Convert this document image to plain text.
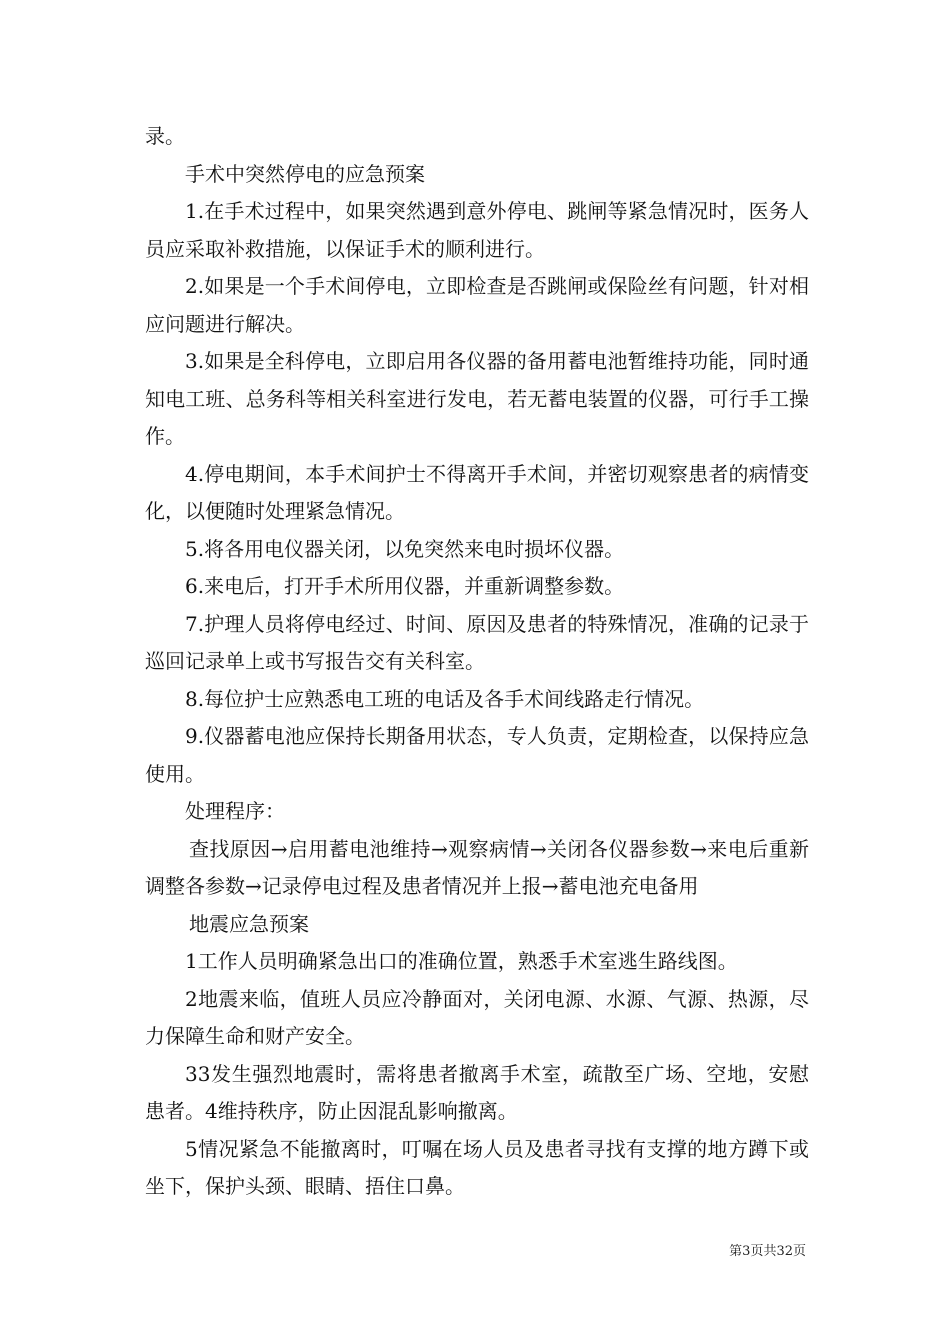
录。

手术中突然停电的应急预案

1.在手术过程中，如果突然遇到意外停电、跳闸等紧急情况时，医务人员应采取补救措施，以保证手术的顺利进行。

2.如果是一个手术间停电，立即检查是否跳闸或保险丝有问题，针对相应问题进行解决。

3.如果是全科停电，立即启用各仪器的备用蓄电池暂维持功能，同时通知电工班、总务科等相关科室进行发电，若无蓄电装置的仪器，可行手工操作。

4.停电期间，本手术间护士不得离开手术间，并密切观察患者的病情变化，以便随时处理紧急情况。

5.将各用电仪器关闭，以免突然来电时损坏仪器。

6.来电后，打开手术所用仪器，并重新调整参数。

7.护理人员将停电经过、时间、原因及患者的特殊情况，准确的记录于巡回记录单上或书写报告交有关科室。

8.每位护士应熟悉电工班的电话及各手术间线路走行情况。

9.仪器蓄电池应保持长期备用状态，专人负责，定期检查，以保持应急使用。

处理程序：

查找原因→启用蓄电池维持→观察病情→关闭各仪器参数→来电后重新调整各参数→记录停电过程及患者情况并上报→蓄电池充电备用

地震应急预案

1工作人员明确紧急出口的准确位置，熟悉手术室逃生路线图。

2地震来临，值班人员应冷静面对，关闭电源、水源、气源、热源，尽力保障生命和财产安全。

33发生强烈地震时，需将患者撤离手术室，疏散至广场、空地，安慰患者。4维持秩序，防止因混乱影响撤离。

5情况紧急不能撤离时，叮嘱在场人员及患者寻找有支撑的地方蹲下或坐下，保护头颈、眼睛、捂住口鼻。

第3页共32页
